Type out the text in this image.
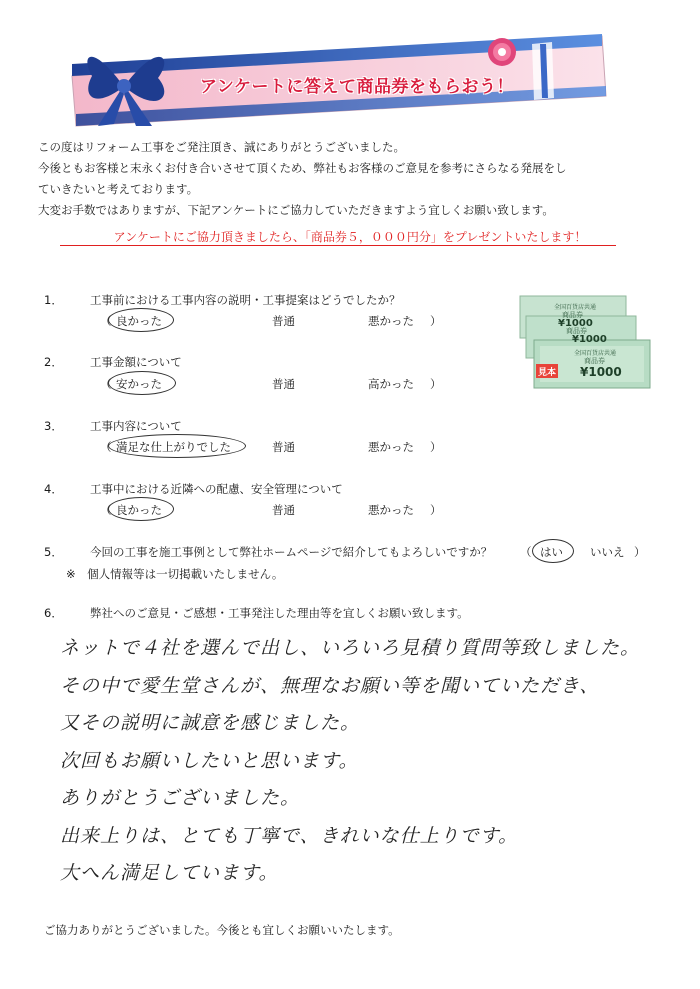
アンケートに答えて商品券をもらおう！

この度はリフォーム工事をご発注頂き、誠にありがとうございました。

今後ともお客様と末永くお付き合いさせて頂くため、弊社もお客様のご意見を参考にさらなる発展をし

ていきたいと考えております。

大変お手数ではありますが、下記アンケートにご協力していただきますよう宜しくお願い致します。

アンケートにご協力頂きましたら、「商品券５，０００円分」をプレゼントいたします！
1． 工事前における工事内容の説明・工事提案はどうでしたか？
（ 良かった	普通	悪かった ）
2． 工事金額について
（ 安かった	普通	高かった ）
3． 工事内容について
（ 満足な仕上がりでした	普通	悪かった ）
4． 工事中における近隣への配慮、安全管理について
（ 良かった	普通	悪かった ）
5． 今回の工事を施工事例として弊社ホームページで紹介してもよろしいですか？ （ はい いいえ ）
※　個人情報等は一切掲載いたしません。
全国百貨店共通
商品券
¥1000
商品券
¥1000
全国百貨店共通
商品券
¥1000
見本
6． 弊社へのご意見・ご感想・工事発注した理由等を宜しくお願い致します。
ネットで４社を選んで出し、いろいろ見積り質問等致しました。
その中で愛生堂さんが、無理なお願い等を聞いていただき、
又その説明に誠意を感じました。
次回もお願いしたいと思います。
ありがとうございました。
出来上りは、とても丁寧で、きれいな仕上りです。
大へん満足しています。
ご協力ありがとうございました。今後とも宜しくお願いいたします。
